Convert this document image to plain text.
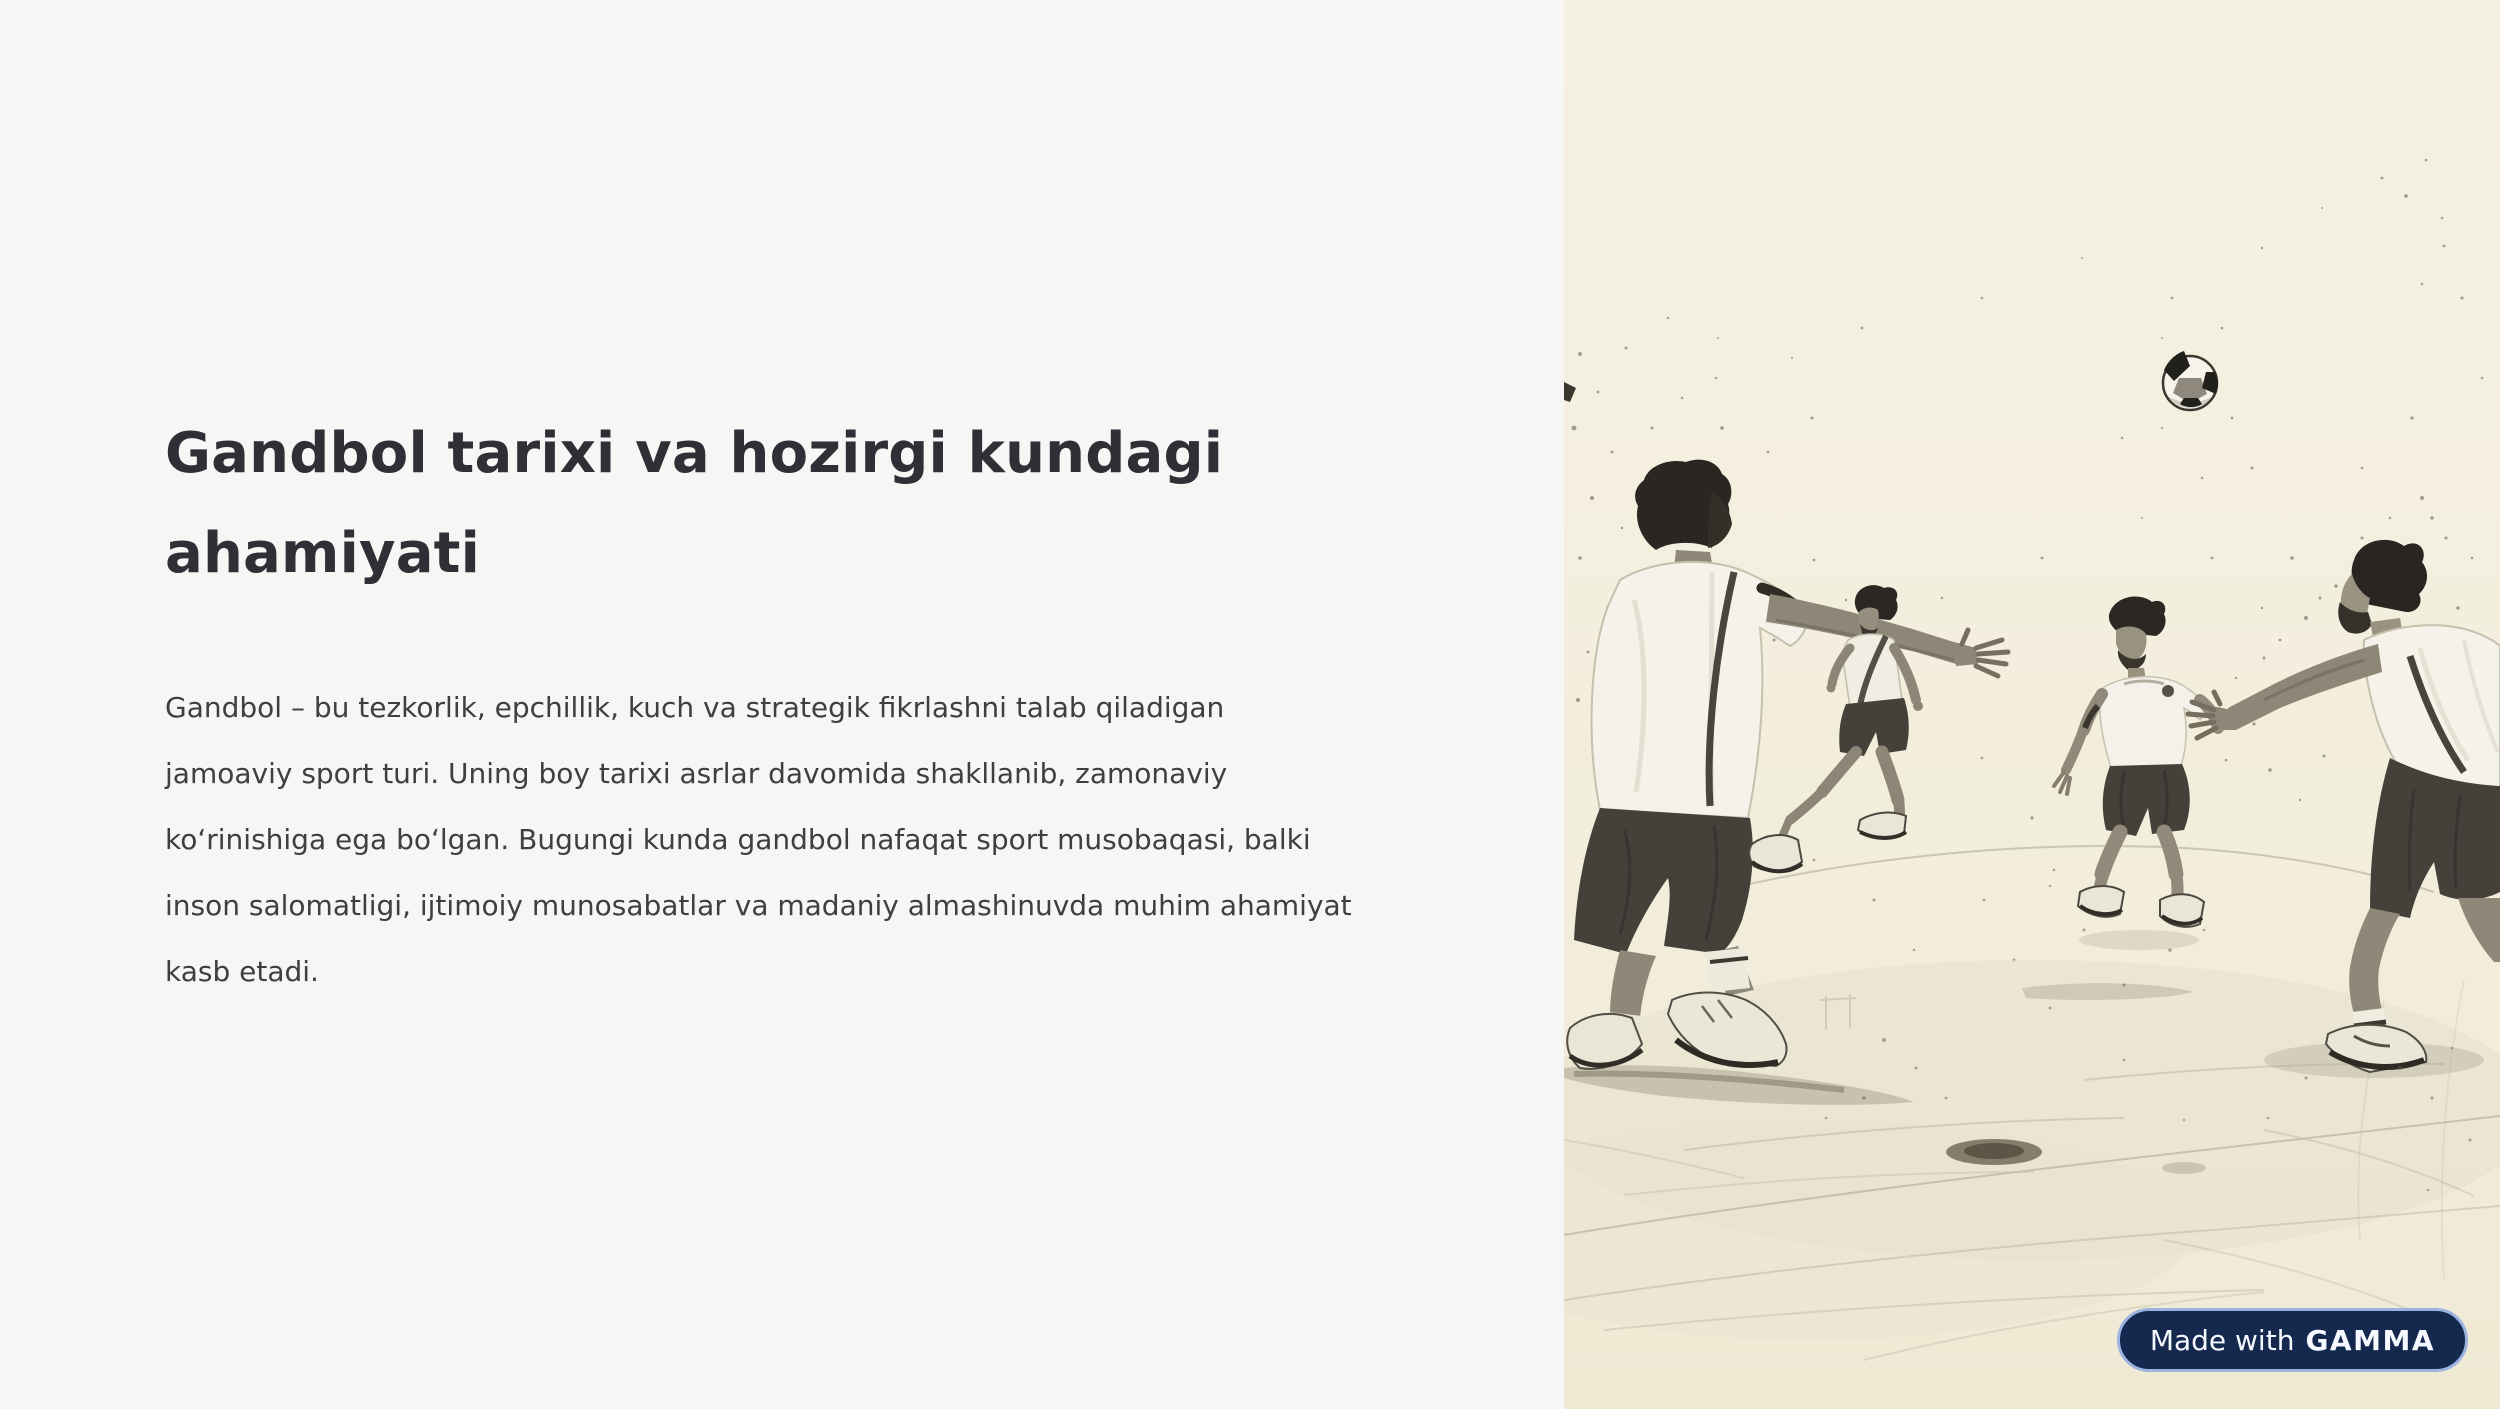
Gandbol tarixi va hozirgi kundagi
ahamiyati

Gandbol – bu tezkorlik, epchillik, kuch va strategik fikrlashni talab qiladigan
jamoaviy sport turi. Uning boy tarixi asrlar davomida shakllanib, zamonaviy
koʻrinishiga ega boʻlgan. Bugungi kunda gandbol nafaqat sport musobaqasi, balki
inson salomatligi, ijtimoiy munosabatlar va madaniy almashinuvda muhim ahamiyat
kasb etadi.

Made with GAMMA
